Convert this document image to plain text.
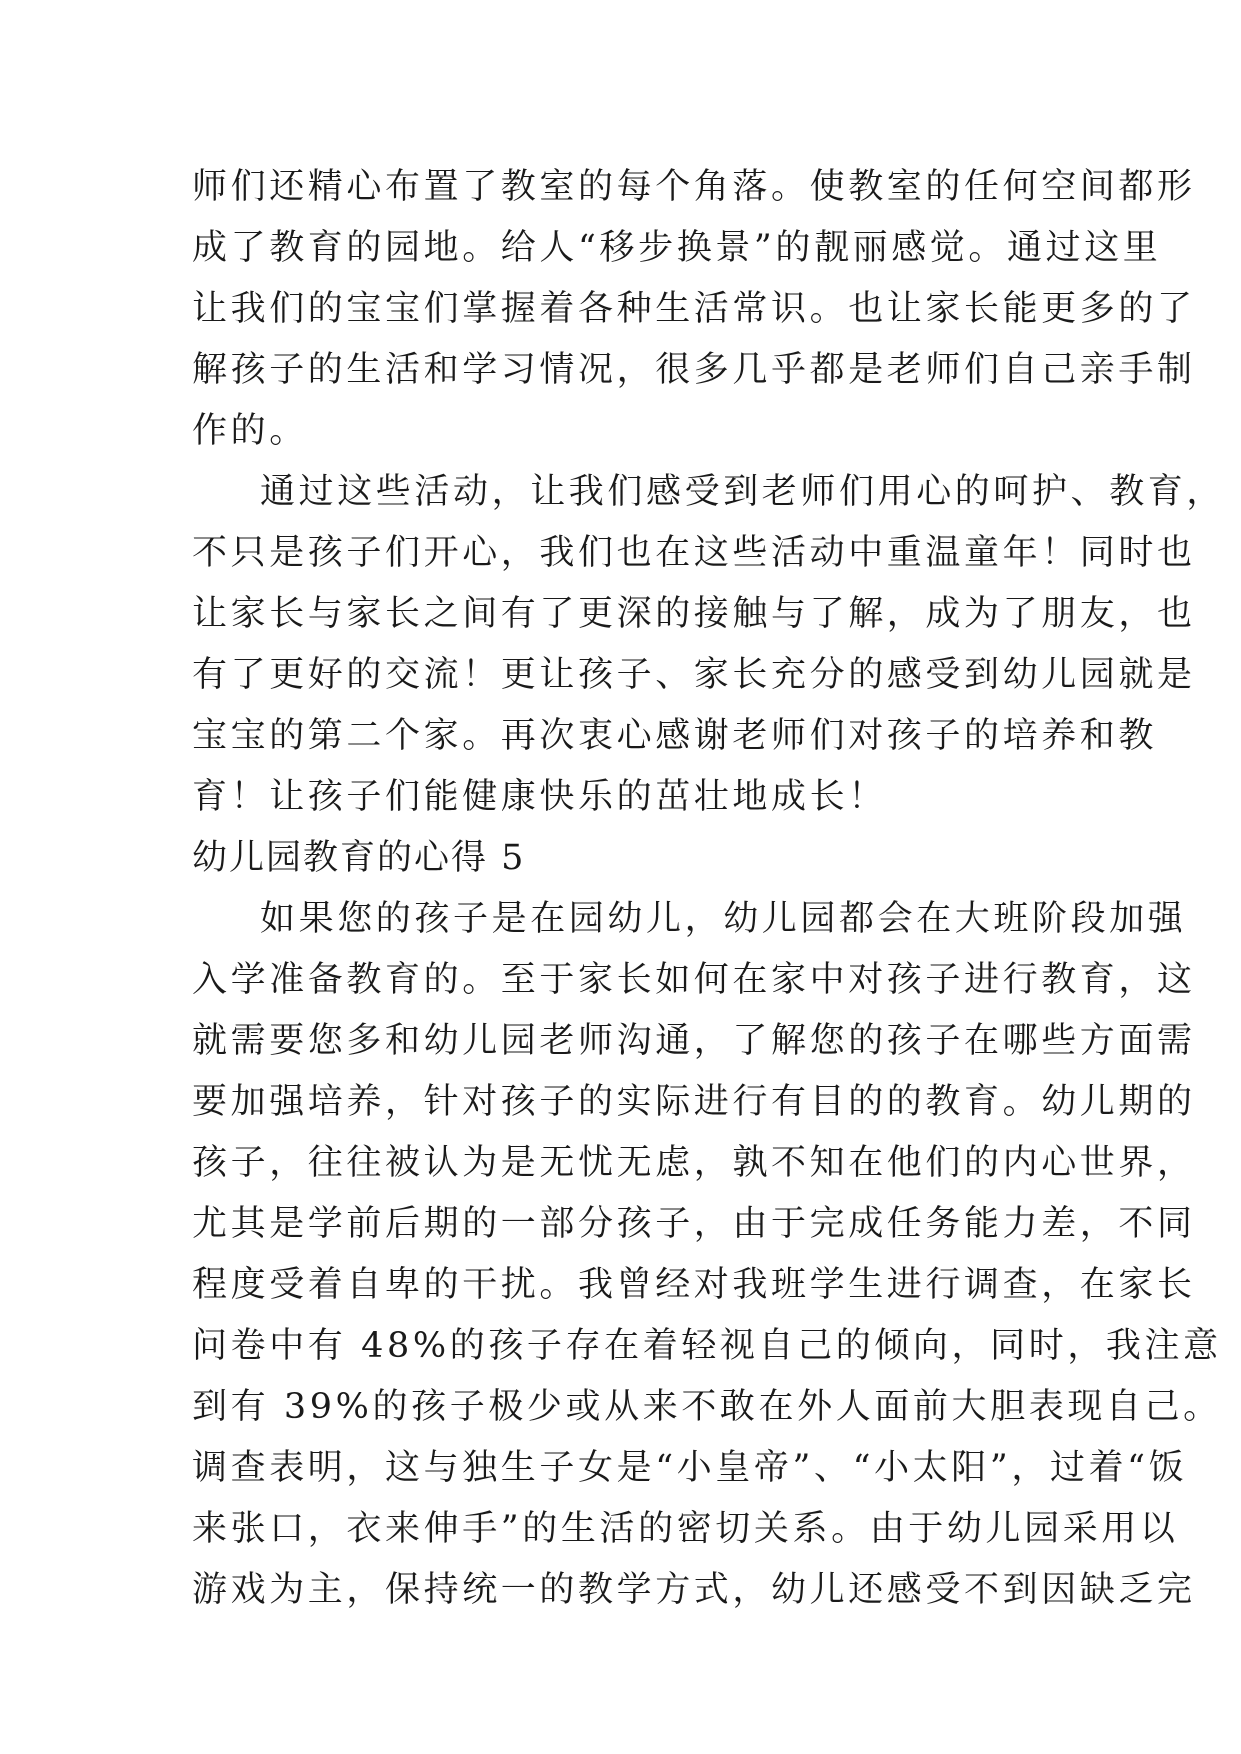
师们还精心布置了教室的每个角落。使教室的任何空间都形
成了教育的园地。给人“移步换景”的靓丽感觉。通过这里
让我们的宝宝们掌握着各种生活常识。也让家长能更多的了
解孩子的生活和学习情况，很多几乎都是老师们自己亲手制
作的。
通过这些活动，让我们感受到老师们用心的呵护、教育，
不只是孩子们开心，我们也在这些活动中重温童年！同时也
让家长与家长之间有了更深的接触与了解，成为了朋友，也
有了更好的交流！更让孩子、家长充分的感受到幼儿园就是
宝宝的第二个家。再次衷心感谢老师们对孩子的培养和教
育！让孩子们能健康快乐的茁壮地成长！
幼儿园教育的心得 5
如果您的孩子是在园幼儿，幼儿园都会在大班阶段加强
入学准备教育的。至于家长如何在家中对孩子进行教育，这
就需要您多和幼儿园老师沟通，了解您的孩子在哪些方面需
要加强培养，针对孩子的实际进行有目的的教育。幼儿期的
孩子，往往被认为是无忧无虑，孰不知在他们的内心世界，
尤其是学前后期的一部分孩子，由于完成任务能力差，不同
程度受着自卑的干扰。我曾经对我班学生进行调查，在家长
问卷中有 48%的孩子存在着轻视自己的倾向，同时，我注意
到有 39%的孩子极少或从来不敢在外人面前大胆表现自己。
调查表明，这与独生子女是“小皇帝”、“小太阳”，过着“饭
来张口，衣来伸手”的生活的密切关系。由于幼儿园采用以
游戏为主，保持统一的教学方式，幼儿还感受不到因缺乏完
